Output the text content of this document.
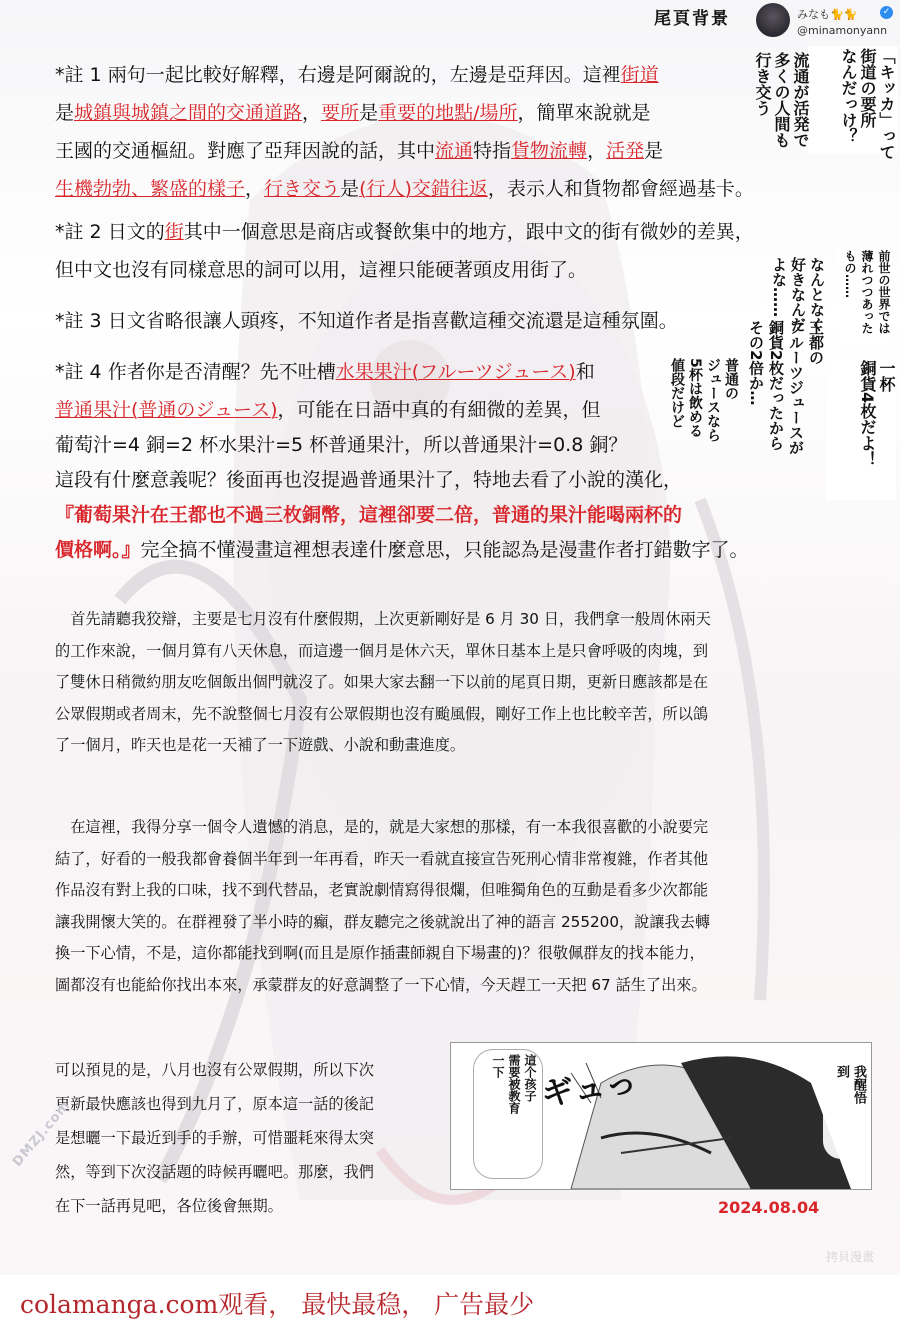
尾頁背景	みなも🐈🐈	✓
@minamonyann
「キッカ」って
街道の要所
なんだっけ？
流通が活発で
多くの人間も
行き交う
前世の世界では
薄れつつあった
もの……
なんとなく
好きなんだ
よな……
一杯
銅貨4枚だよ！
王都の
フルーツジュースが
銅貨2枚だったから
その2倍か…
普通の
ジュースなら
5杯は飲める
値段だけど
*註 1 兩句一起比較好解釋，右邊是阿爾說的，左邊是亞拜因。這裡街道
是城鎮與城鎮之間的交通道路，要所是重要的地點/場所，簡單來說就是
王國的交通樞紐。對應了亞拜因說的話，其中流通特指貨物流轉，活発是
生機勃勃、繁盛的樣子，行き交う是(行人)交錯往返，表示人和貨物都會經過基卡。
*註 2 日文的街其中一個意思是商店或餐飲集中的地方，跟中文的街有微妙的差異，
但中文也沒有同樣意思的詞可以用，這裡只能硬著頭皮用街了。
*註 3 日文省略很讓人頭疼，不知道作者是指喜歡這種交流還是這種氛圍。
*註 4 作者你是否清醒？先不吐槽水果果汁(フルーツジュース)和
普通果汁(普通のジュース)，可能在日語中真的有細微的差異，但
葡萄汁=4 銅=2 杯水果汁=5 杯普通果汁，所以普通果汁=0.8 銅？
這段有什麼意義呢？後面再也沒提過普通果汁了，特地去看了小說的漢化，
『葡萄果汁在王都也不過三枚銅幣，這裡卻要二倍，普通的果汁能喝兩杯的
價格啊。』完全搞不懂漫畫這裡想表達什麼意思，只能認為是漫畫作者打錯數字了。
　首先請聽我狡辯，主要是七月沒有什麼假期，上次更新剛好是 6 月 30 日，我們拿一般周休兩天
的工作來說，一個月算有八天休息，而這邊一個月是休六天，單休日基本上是只會呼吸的肉塊，到
了雙休日稍微約朋友吃個飯出個門就沒了。如果大家去翻一下以前的尾頁日期，更新日應該都是在
公眾假期或者周末，先不說整個七月沒有公眾假期也沒有颱風假，剛好工作上也比較辛苦，所以鴿
了一個月，昨天也是花一天補了一下遊戲、小說和動畫進度。
　在這裡，我得分享一個令人遺憾的消息，是的，就是大家想的那樣，有一本我很喜歡的小說要完
結了，好看的一般我都會養個半年到一年再看，昨天一看就直接宣告死刑心情非常複雜，作者其他
作品沒有對上我的口味，找不到代替品，老實說劇情寫得很爛，但唯獨角色的互動是看多少次都能
讓我開懷大笑的。在群裡發了半小時的癲，群友聽完之後就說出了神的語言 255200，說讓我去轉
換一下心情，不是，這你都能找到啊(而且是原作插畫師親自下場畫的)？很敬佩群友的找本能力，
圖都沒有也能給你找出本來，承蒙群友的好意調整了一下心情，今天趕工一天把 67 話生了出來。
可以預見的是，八月也沒有公眾假期，所以下次
更新最快應該也得到九月了，原本這一話的後記
是想曬一下最近到手的手辦，可惜噩耗來得太突
然，等到下次沒話題的時候再曬吧。那麼，我們
在下一話再見吧，各位後會無期。
這个孩子
需要被教育
一下	ギュっ	我醒悟
到
2024.08.04
DMZJ.com
拷貝漫畫
colamanga.com观看， 最快最稳， 广告最少
